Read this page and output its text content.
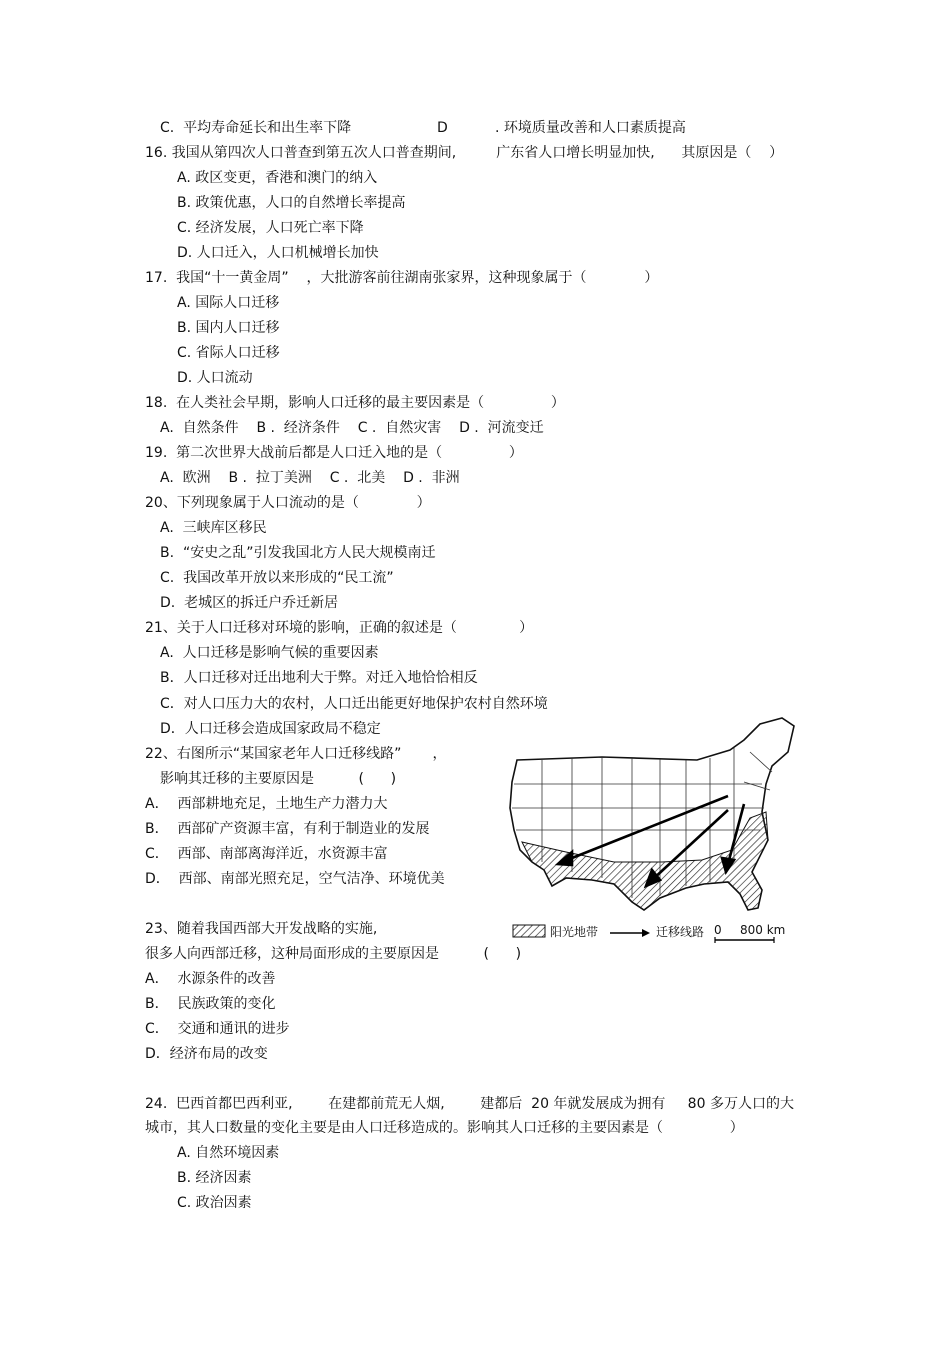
C.  平均寿命延长和出生率下降	D	. 环境质量改善和人口素质提高
16. 我国从第四次人口普查到第五次人口普查期间,         广东省人口增长明显加快,      其原因是（    ）
A. 政区变更，香港和澳门的纳入
B. 政策优惠，人口的自然增长率提高
C. 经济发展，人口死亡率下降
D. 人口迁入，人口机械增长加快
17.  我国“十一黄金周”    ，大批游客前往湖南张家界，这种现象属于（             ）
A. 国际人口迁移
B. 国内人口迁移
C. 省际人口迁移
D. 人口流动
18.  在人类社会早期，影响人口迁移的最主要因素是（               ）
A.  自然条件    B .  经济条件    C .  自然灾害    D .  河流变迁
19.  第二次世界大战前后都是人口迁入地的是（               ）
A.  欧洲    B .  拉丁美洲    C .  北美    D .  非洲
20、下列现象属于人口流动的是（             ）
A.  三峡库区移民
B.  “安史之乱”引发我国北方人民大规模南迁
C.  我国改革开放以来形成的“民工流”
D.  老城区的拆迁户乔迁新居
21、关于人口迁移对环境的影响，正确的叙述是（              ）
A.  人口迁移是影响气候的重要因素
B．人口迁移对迁出地利大于弊。对迁入地恰恰相反
C．对人口压力大的农村，人口迁出能更好地保护农村自然环境
D．人口迁移会造成国家政局不稳定
22、右图所示“某国家老年人口迁移线路”       ，
影响其迁移的主要原因是          (      )
A．  西部耕地充足，土地生产力潜力大
B．  西部矿产资源丰富，有利于制造业的发展
C．  西部、南部离海洋近，水资源丰富
D．  西部、南部光照充足，空气洁净、环境优美
阳光地带	迁移线路 0 800 km
23、随着我国西部大开发战略的实施,
很多人向西部迁移，这种局面形成的主要原因是          (      )
A．  水源条件的改善
B．  民族政策的变化
C．  交通和通讯的进步
D．经济布局的改变
24.  巴西首都巴西利亚,        在建都前荒无人烟,        建都后  20 年就发展成为拥有     80 多万人口的大
城市，其人口数量的变化主要是由人口迁移造成的。影响其人口迁移的主要因素是（               ）
A. 自然环境因素
B. 经济因素
C. 政治因素
